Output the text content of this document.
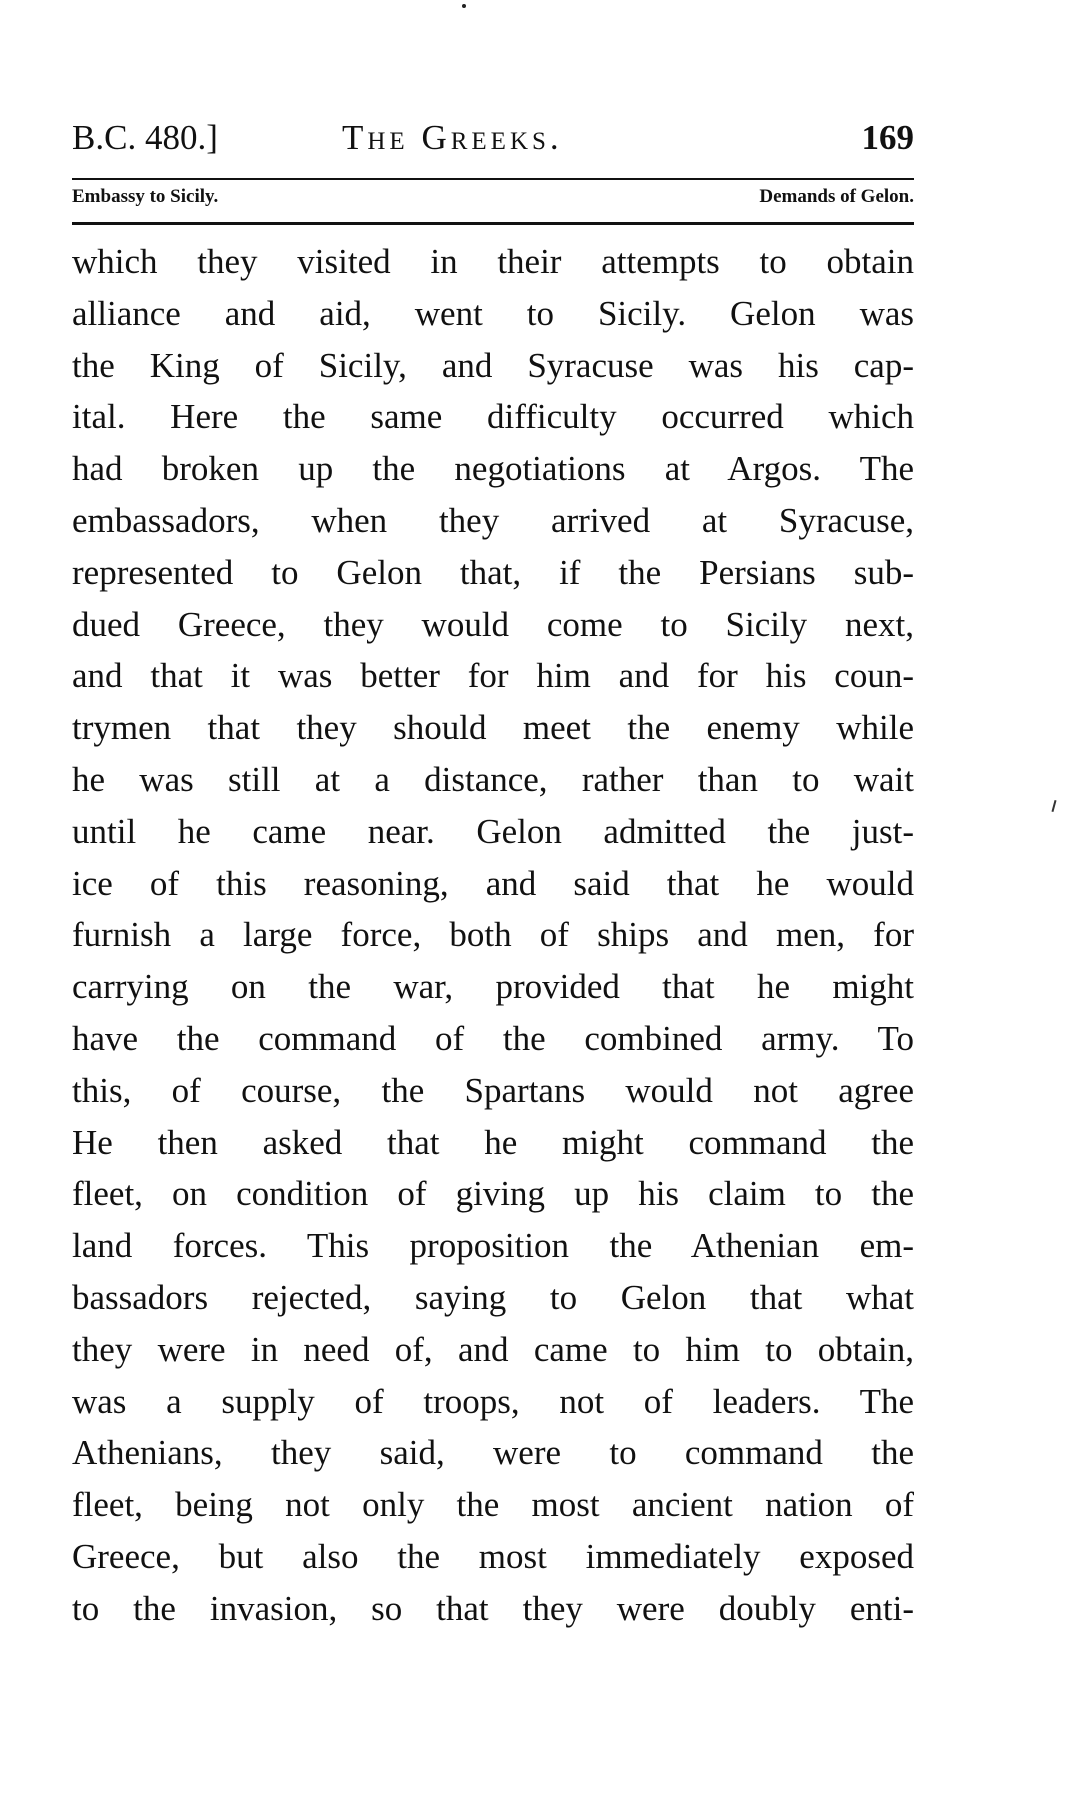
B.C. 480.]	The Greeks.	169
Embassy to Sicily.	Demands of Gelon.
which they visited in their attempts to obtain
alliance and aid, went to Sicily. Gelon was
the King of Sicily, and Syracuse was his cap-
ital. Here the same difficulty occurred which
had broken up the negotiations at Argos. The
embassadors, when they arrived at Syracuse,
represented to Gelon that, if the Persians sub-
dued Greece, they would come to Sicily next,
and that it was better for him and for his coun-
trymen that they should meet the enemy while
he was still at a distance, rather than to wait
until he came near. Gelon admitted the just-
ice of this reasoning, and said that he would
furnish a large force, both of ships and men, for
carrying on the war, provided that he might
have the command of the combined army. To
this, of course, the Spartans would not agree
He then asked that he might command the
fleet, on condition of giving up his claim to the
land forces. This proposition the Athenian em-
bassadors rejected, saying to Gelon that what
they were in need of, and came to him to obtain,
was a supply of troops, not of leaders. The
Athenians, they said, were to command the
fleet, being not only the most ancient nation of
Greece, but also the most immediately exposed
to the invasion, so that they were doubly enti-
